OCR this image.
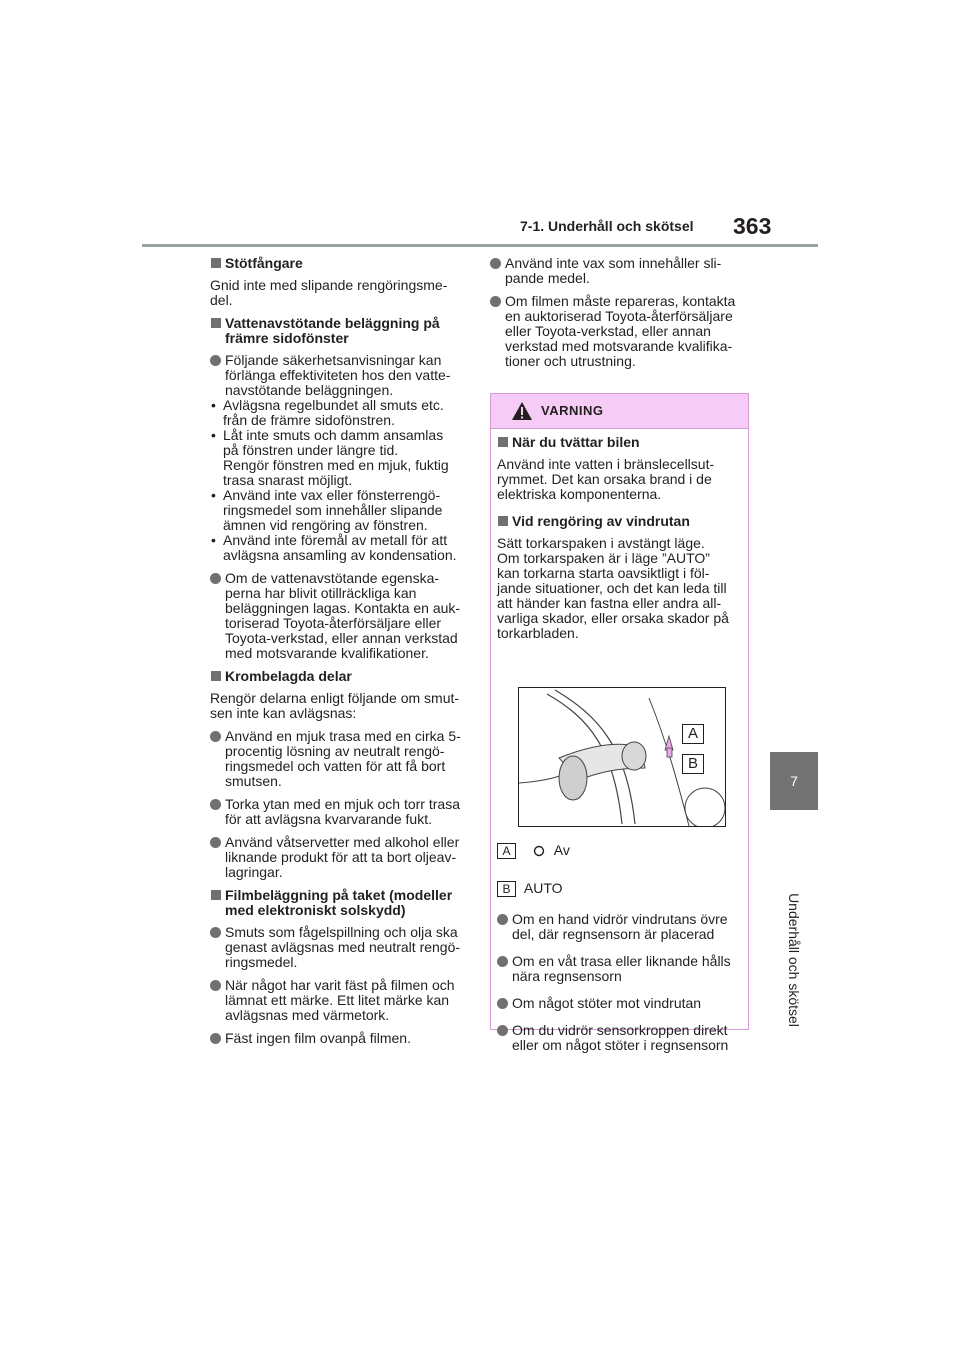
7-1. Underhåll och skötsel 363
7
Underhåll och skötsel
Stötfångare
Gnid inte med slipande rengöringsme-
del.
Vattenavstötande beläggning på
främre sidofönster
Följande säkerhetsanvisningar kan
förlänga effektiviteten hos den vatte-
navstötande beläggningen.
• Avlägsna regelbundet all smuts etc.
från de främre sidofönstren.
• Låt inte smuts och damm ansamlas
på fönstren under längre tid.
Rengör fönstren med en mjuk, fuktig
trasa snarast möjligt.
• Använd inte vax eller fönsterrengö-
ringsmedel som innehåller slipande
ämnen vid rengöring av fönstren.
• Använd inte föremål av metall för att
avlägsna ansamling av kondensation.
Om de vattenavstötande egenska-
perna har blivit otillräckliga kan
beläggningen lagas. Kontakta en auk-
toriserad Toyota-återförsäljare eller
Toyota-verkstad, eller annan verkstad
med motsvarande kvalifikationer.
Krombelagda delar
Rengör delarna enligt följande om smut-
sen inte kan avlägsnas:
Använd en mjuk trasa med en cirka 5-
procentig lösning av neutralt rengö-
ringsmedel och vatten för att få bort
smutsen.
Torka ytan med en mjuk och torr trasa
för att avlägsna kvarvarande fukt.
Använd våtservetter med alkohol eller
liknande produkt för att ta bort oljeav-
lagringar.
Filmbeläggning på taket (modeller
med elektroniskt solskydd)
Smuts som fågelspillning och olja ska
genast avlägsnas med neutralt rengö-
ringsmedel.
När något har varit fäst på filmen och
lämnat ett märke. Ett litet märke kan
avlägsnas med värmetork.
Fäst ingen film ovanpå filmen.
Använd inte vax som innehåller sli-
pande medel.
Om filmen måste repareras, kontakta
en auktoriserad Toyota-återförsäljare
eller Toyota-verkstad, eller annan
verkstad med motsvarande kvalifika-
tioner och utrustning.
VARNING
När du tvättar bilen
Använd inte vatten i bränslecellsut-
rymmet. Det kan orsaka brand i de
elektriska komponenterna.
Vid rengöring av vindrutan
Sätt torkarspaken i avstängt läge.
Om torkarspaken är i läge ”AUTO”
kan torkarna starta oavsiktligt i föl-
jande situationer, och det kan leda till
att händer kan fastna eller andra all-
varliga skador, eller orsaka skador på
torkarbladen.
A
B
A	Av
B AUTO
Om en hand vidrör vindrutans övre
del, där regnsensorn är placerad
Om en våt trasa eller liknande hålls
nära regnsensorn
Om något stöter mot vindrutan
Om du vidrör sensorkroppen direkt
eller om något stöter i regnsensorn
